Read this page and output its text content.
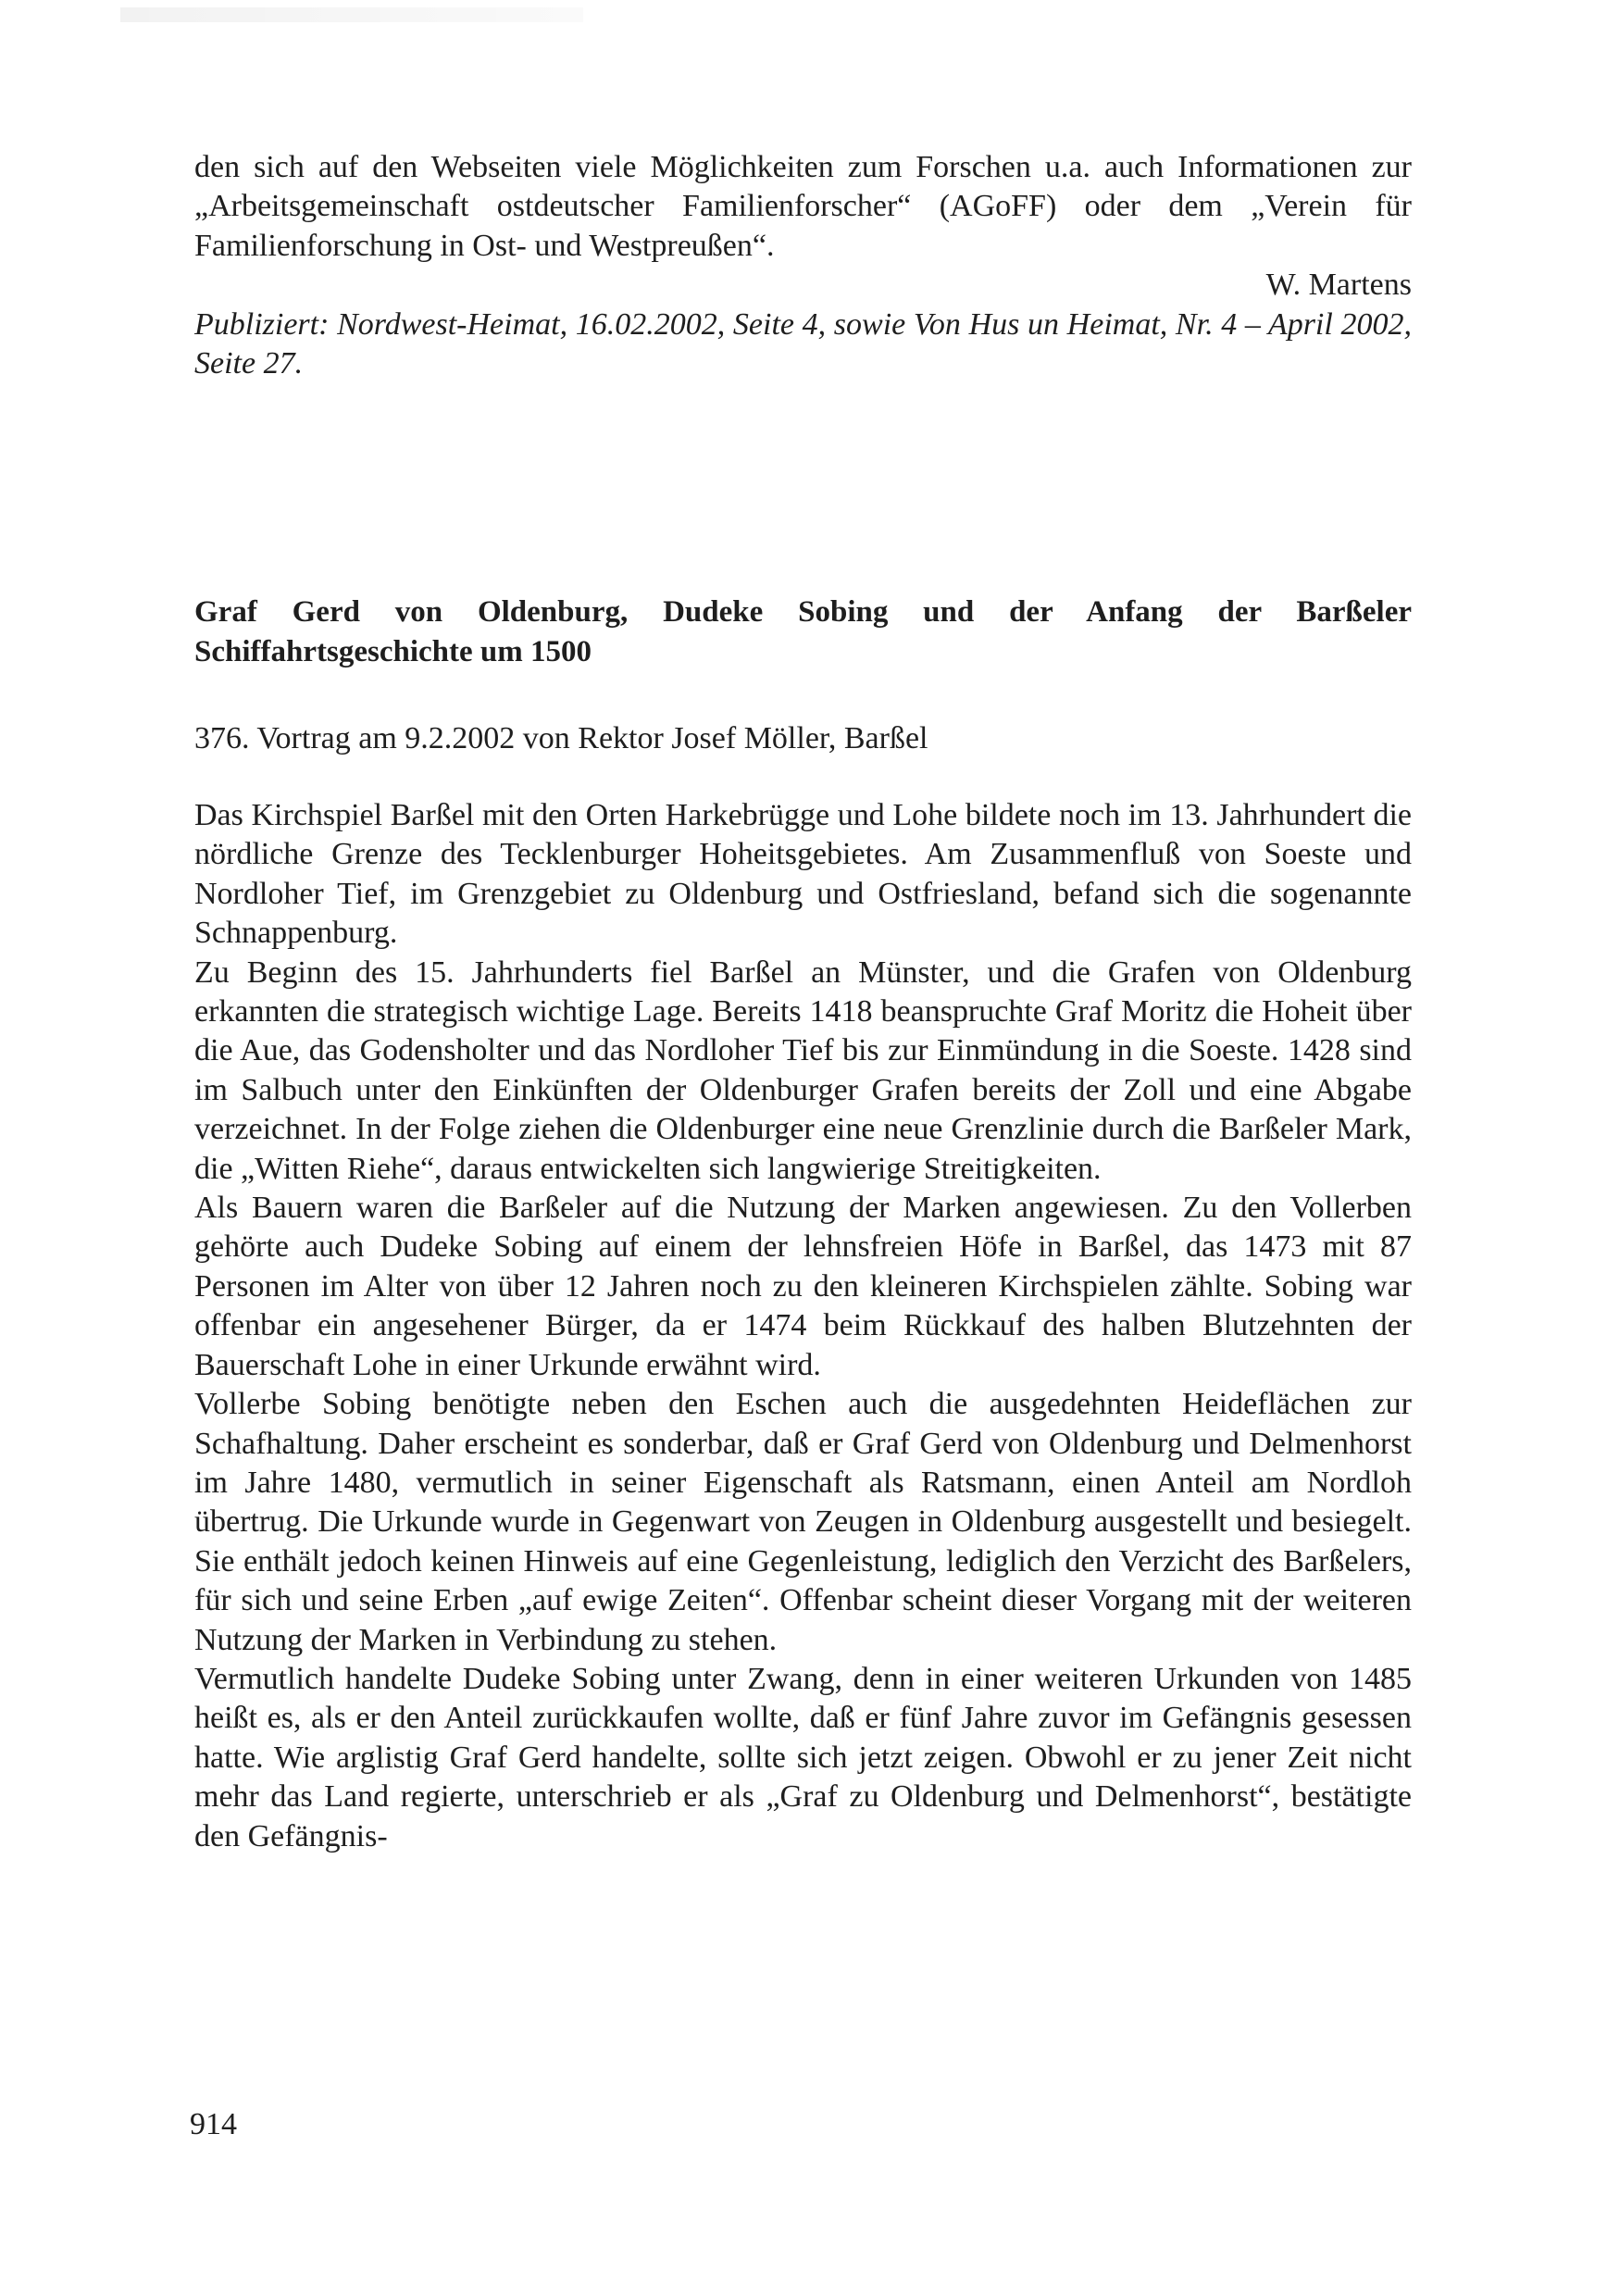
den sich auf den Webseiten viele Möglichkeiten zum Forschen u.a. auch Informationen zur „Arbeitsgemeinschaft ostdeutscher Familienforscher“ (AGoFF) oder dem „Verein für Familienforschung in Ost- und Westpreußen“.

W. Martens

Publiziert: Nordwest-Heimat, 16.02.2002, Seite 4, sowie Von Hus un Heimat, Nr. 4 – April 2002, Seite 27.

Graf Gerd von Oldenburg, Dudeke Sobing und der Anfang der Barßeler Schiffahrtsgeschichte um 1500

376. Vortrag am 9.2.2002 von Rektor Josef Möller, Barßel

Das Kirchspiel Barßel mit den Orten Harkebrügge und Lohe bildete noch im 13. Jahrhundert die nördliche Grenze des Tecklenburger Hoheitsgebietes. Am Zusammenfluß von Soeste und Nordloher Tief, im Grenzgebiet zu Oldenburg und Ostfriesland, befand sich die sogenannte Schnappenburg.

Zu Beginn des 15. Jahrhunderts fiel Barßel an Münster, und die Grafen von Oldenburg erkannten die strategisch wichtige Lage. Bereits 1418 beanspruchte Graf Moritz die Hoheit über die Aue, das Godensholter und das Nordloher Tief bis zur Einmündung in die Soeste. 1428 sind im Salbuch unter den Einkünften der Oldenburger Grafen bereits der Zoll und eine Abgabe verzeichnet. In der Folge ziehen die Oldenburger eine neue Grenzlinie durch die Barßeler Mark, die „Witten Riehe“, daraus entwickelten sich langwierige Streitigkeiten.

Als Bauern waren die Barßeler auf die Nutzung der Marken angewiesen. Zu den Vollerben gehörte auch Dudeke Sobing auf einem der lehnsfreien Höfe in Barßel, das 1473 mit 87 Personen im Alter von über 12 Jahren noch zu den kleineren Kirchspielen zählte. Sobing war offenbar ein angesehener Bürger, da er 1474 beim Rückkauf des halben Blutzehnten der Bauerschaft Lohe in einer Urkunde erwähnt wird.

Vollerbe Sobing benötigte neben den Eschen auch die ausgedehnten Heideflächen zur Schafhaltung. Daher erscheint es sonderbar, daß er Graf Gerd von Oldenburg und Delmenhorst im Jahre 1480, vermutlich in seiner Eigenschaft als Ratsmann, einen Anteil am Nordloh übertrug. Die Urkunde wurde in Gegenwart von Zeugen in Oldenburg ausgestellt und besiegelt. Sie enthält jedoch keinen Hinweis auf eine Gegenleistung, lediglich den Verzicht des Barßelers, für sich und seine Erben „auf ewige Zeiten“. Offenbar scheint dieser Vorgang mit der weiteren Nutzung der Marken in Verbindung zu stehen.

Vermutlich handelte Dudeke Sobing unter Zwang, denn in einer weiteren Urkunden von 1485 heißt es, als er den Anteil zurückkaufen wollte, daß er fünf Jahre zuvor im Gefängnis gesessen hatte. Wie arglistig Graf Gerd handelte, sollte sich jetzt zeigen. Obwohl er zu jener Zeit nicht mehr das Land regierte, unterschrieb er als „Graf zu Oldenburg und Delmenhorst“, bestätigte den Gefängnis-

914
